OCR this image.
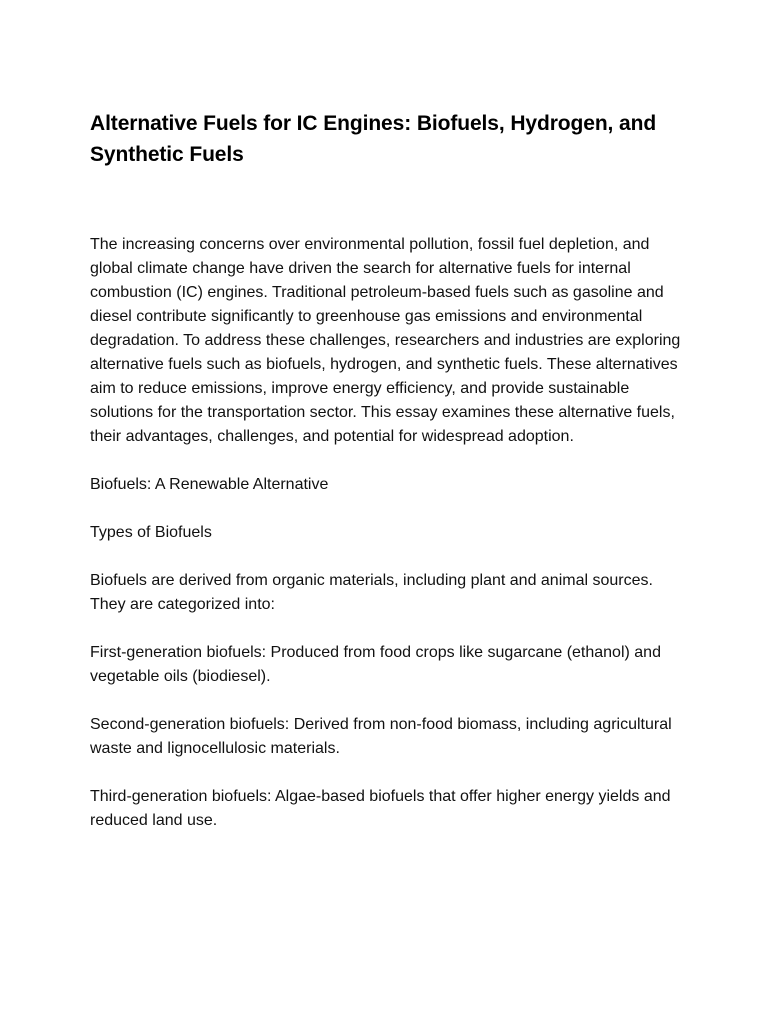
Alternative Fuels for IC Engines: Biofuels, Hydrogen, and Synthetic Fuels

The increasing concerns over environmental pollution, fossil fuel depletion, and global climate change have driven the search for alternative fuels for internal combustion (IC) engines. Traditional petroleum-based fuels such as gasoline and diesel contribute significantly to greenhouse gas emissions and environmental degradation. To address these challenges, researchers and industries are exploring alternative fuels such as biofuels, hydrogen, and synthetic fuels. These alternatives aim to reduce emissions, improve energy efficiency, and provide sustainable solutions for the transportation sector. This essay examines these alternative fuels, their advantages, challenges, and potential for widespread adoption.

Biofuels: A Renewable Alternative

Types of Biofuels

Biofuels are derived from organic materials, including plant and animal sources. They are categorized into:

First-generation biofuels: Produced from food crops like sugarcane (ethanol) and vegetable oils (biodiesel).

Second-generation biofuels: Derived from non-food biomass, including agricultural waste and lignocellulosic materials.

Third-generation biofuels: Algae-based biofuels that offer higher energy yields and reduced land use.
